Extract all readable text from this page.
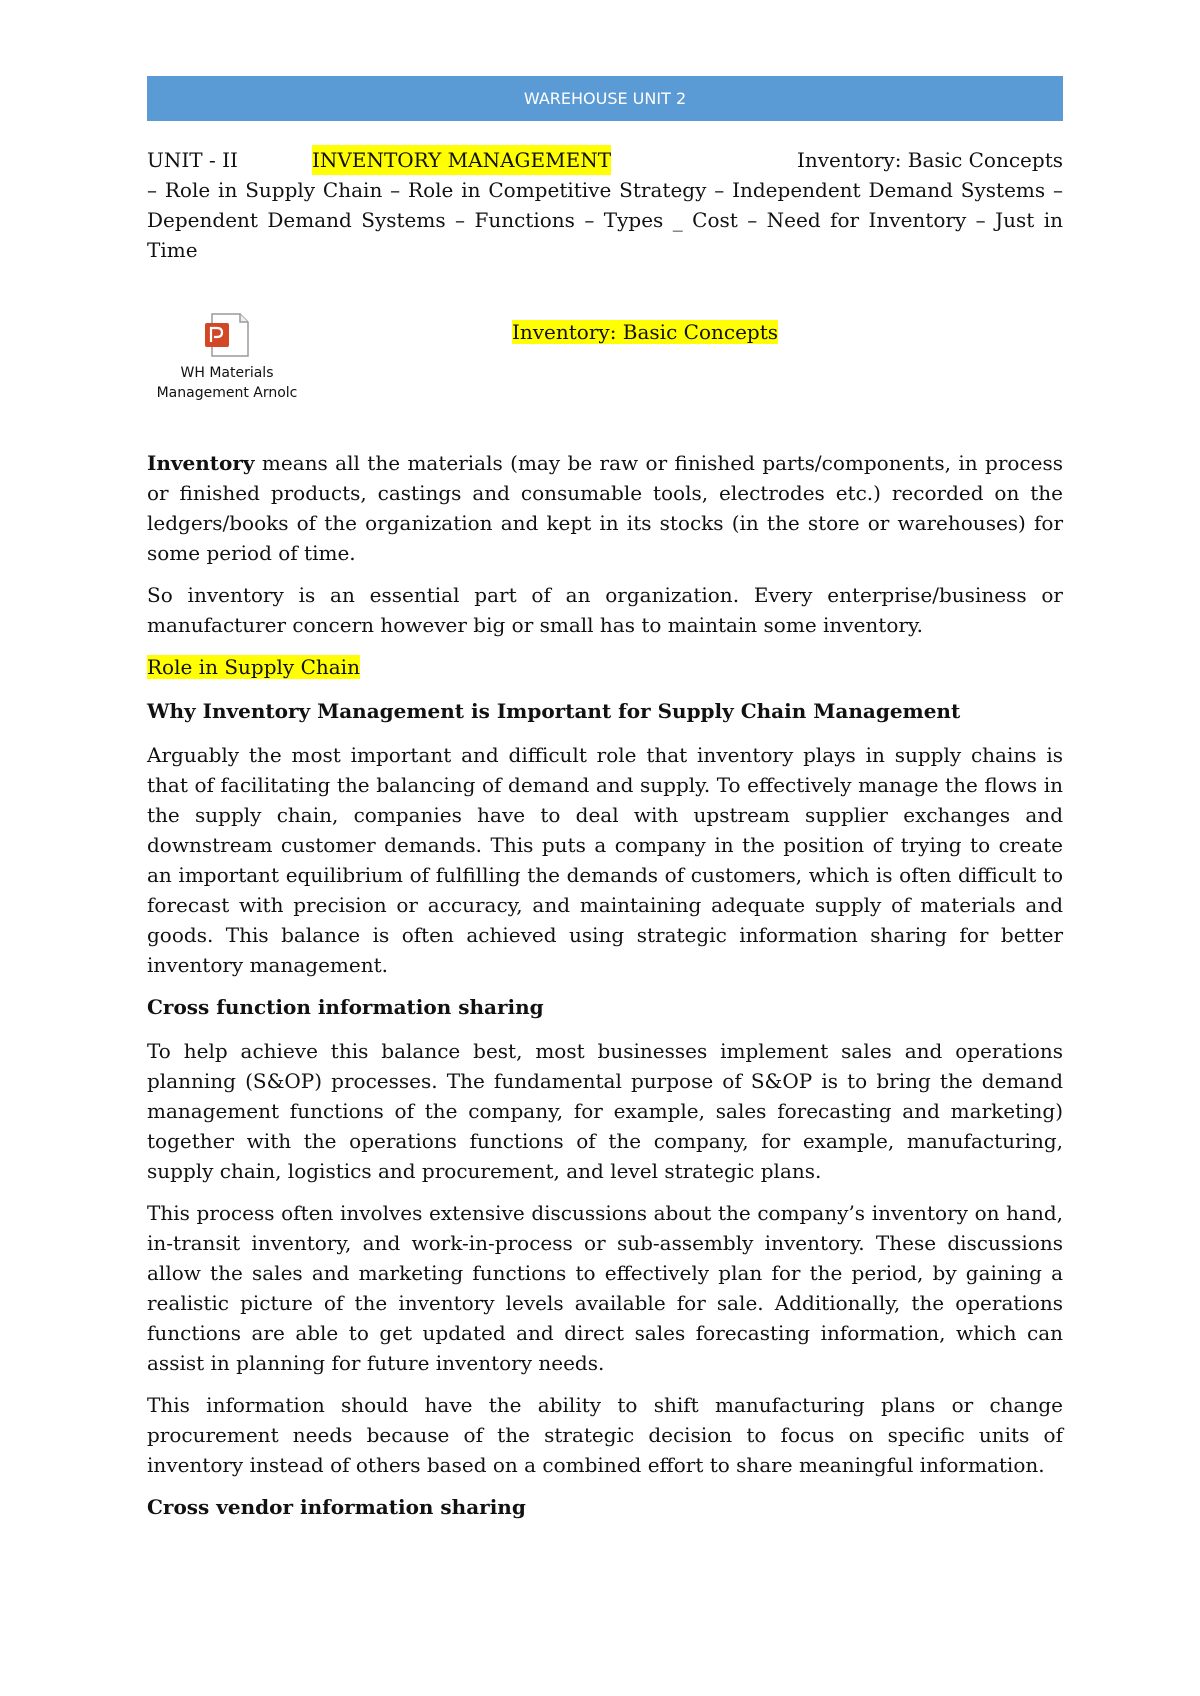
WAREHOUSE UNIT 2
UNIT - II	INVENTORY MANAGEMENT	Inventory: Basic Concepts
– Role in Supply Chain – Role in Competitive Strategy – Independent Demand Systems – Dependent Demand Systems – Functions – Types _ Cost – Need for Inventory – Just in Time
WH Materials
Management Arnolc
Inventory: Basic Concepts

Inventory means all the materials (may be raw or finished parts/components, in process or finished products, castings and consumable tools, electrodes etc.) recorded on the ledgers/books of the organization and kept in its stocks (in the store or warehouses) for some period of time.

So inventory is an essential part of an organization. Every enterprise/business or manufacturer concern however big or small has to maintain some inventory.

Role in Supply Chain

Why Inventory Management is Important for Supply Chain Management

Arguably the most important and difficult role that inventory plays in supply chains is that of facilitating the balancing of demand and supply. To effectively manage the flows in the supply chain, companies have to deal with upstream supplier exchanges and downstream customer demands. This puts a company in the position of trying to create an important equilibrium of fulfilling the demands of customers, which is often difficult to forecast with precision or accuracy, and maintaining adequate supply of materials and goods. This balance is often achieved using strategic information sharing for better inventory management.

Cross function information sharing

To help achieve this balance best, most businesses implement sales and operations planning (S&OP) processes. The fundamental purpose of S&OP is to bring the demand management functions of the company, for example, sales forecasting and marketing) together with the operations functions of the company, for example, manufacturing, supply chain, logistics and procurement, and level strategic plans.

This process often involves extensive discussions about the company’s inventory on hand, in-transit inventory, and work-in-process or sub-assembly inventory. These discussions allow the sales and marketing functions to effectively plan for the period, by gaining a realistic picture of the inventory levels available for sale. Additionally, the operations functions are able to get updated and direct sales forecasting information, which can assist in planning for future inventory needs.

This information should have the ability to shift manufacturing plans or change procurement needs because of the strategic decision to focus on specific units of inventory instead of others based on a combined effort to share meaningful information.

Cross vendor information sharing
